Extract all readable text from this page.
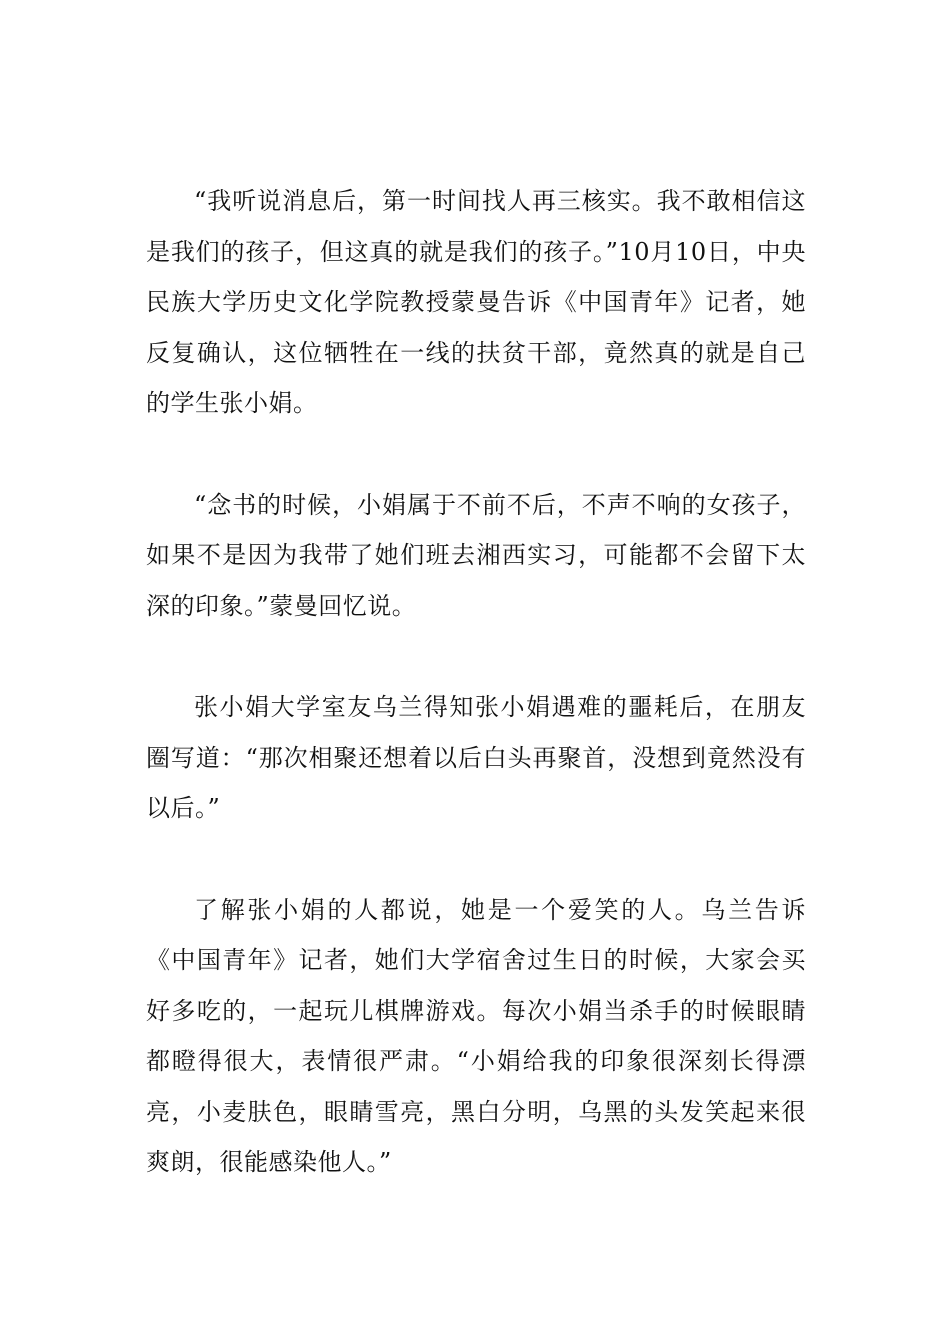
“我听说消息后，第一时间找人再三核实。我不敢相信这是我们的孩子，但这真的就是我们的孩子。”10月10日，中央民族大学历史文化学院教授蒙曼告诉《中国青年》记者，她反复确认，这位牺牲在一线的扶贫干部，竟然真的就是自己的学生张小娟。

“念书的时候，小娟属于不前不后，不声不响的女孩子，如果不是因为我带了她们班去湘西实习，可能都不会留下太深的印象。”蒙曼回忆说。

张小娟大学室友乌兰得知张小娟遇难的噩耗后，在朋友圈写道：“那次相聚还想着以后白头再聚首，没想到竟然没有以后。”

了解张小娟的人都说，她是一个爱笑的人。乌兰告诉《中国青年》记者，她们大学宿舍过生日的时候，大家会买好多吃的，一起玩儿棋牌游戏。每次小娟当杀手的时候眼睛都瞪得很大，表情很严肃。“小娟给我的印象很深刻长得漂亮，小麦肤色，眼睛雪亮，黑白分明，乌黑的头发笑起来很爽朗，很能感染他人。”
